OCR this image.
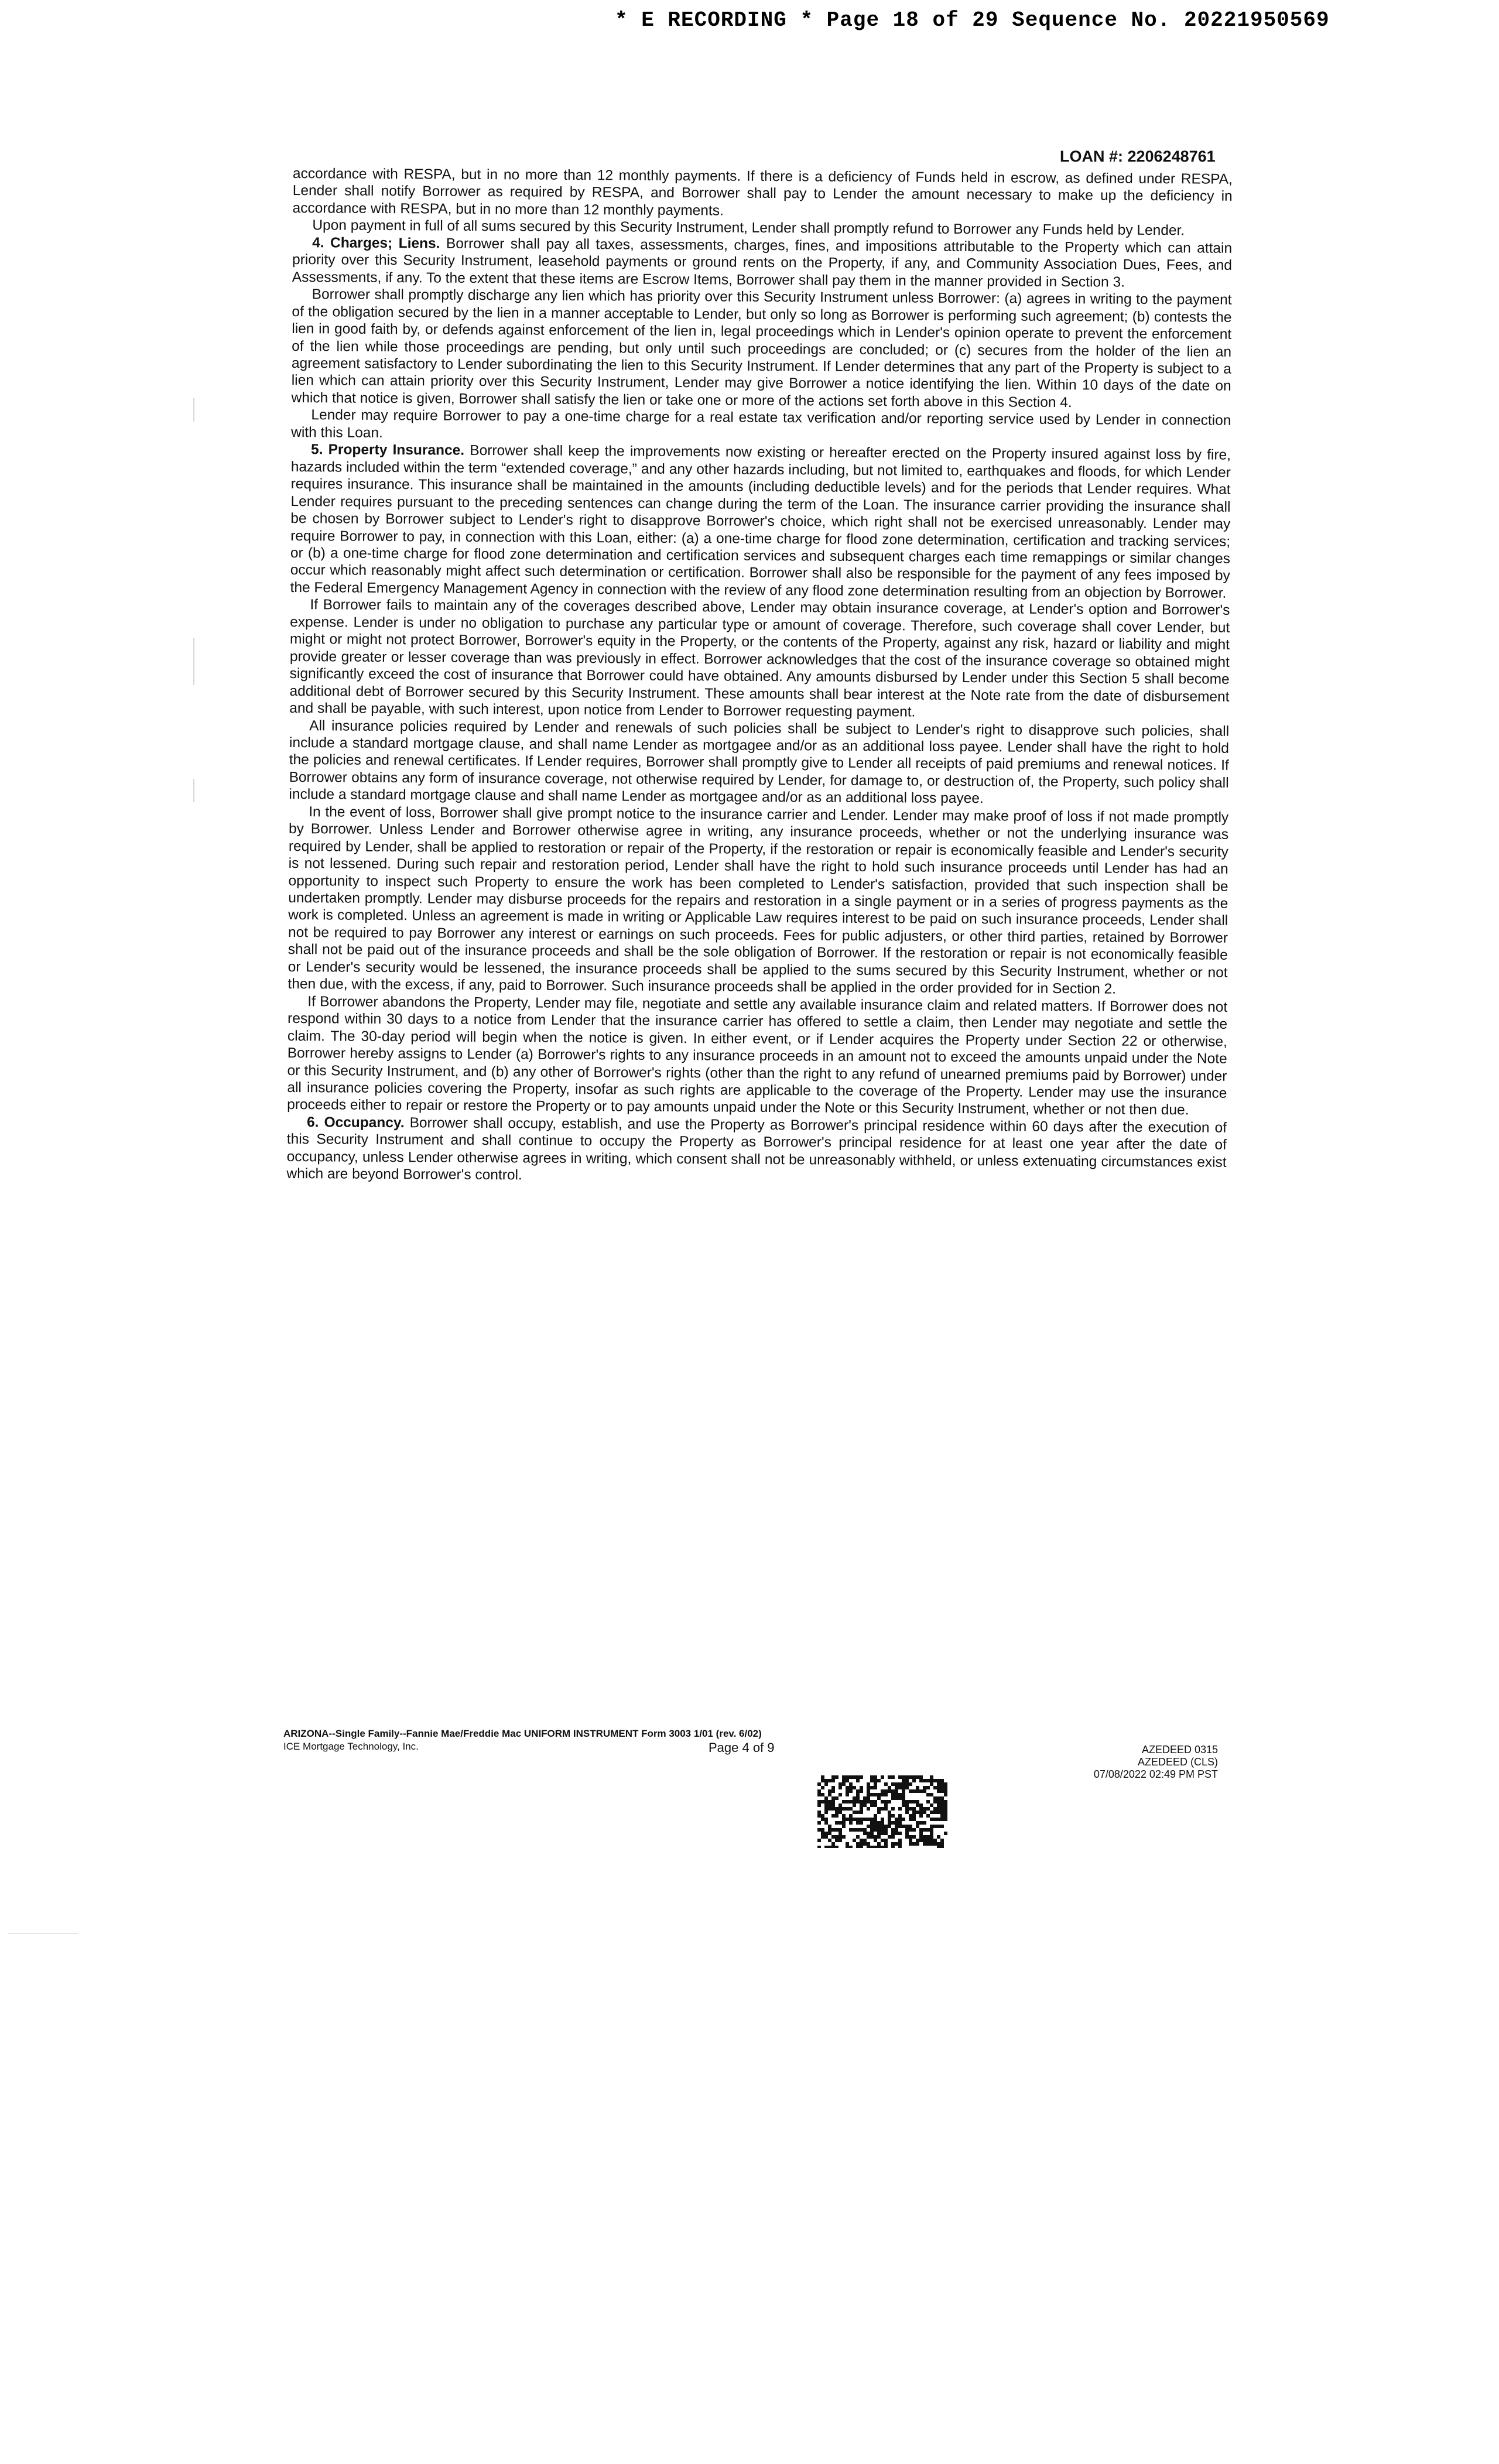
* E RECORDING * Page 18 of 29 Sequence No. 20221950569
LOAN #: 2206248761

accordance with RESPA, but in no more than 12 monthly payments. If there is a deficiency of Funds held in escrow, as defined under RESPA, Lender shall notify Borrower as required by RESPA, and Borrower shall pay to Lender the amount necessary to make up the deficiency in accordance with RESPA, but in no more than 12 monthly payments.

Upon payment in full of all sums secured by this Security Instrument, Lender shall promptly refund to Borrower any Funds held by Lender.

4. Charges; Liens. Borrower shall pay all taxes, assessments, charges, fines, and impositions attributable to the Property which can attain priority over this Security Instrument, leasehold payments or ground rents on the Property, if any, and Community Association Dues, Fees, and Assessments, if any. To the extent that these items are Escrow Items, Borrower shall pay them in the manner provided in Section 3.

Borrower shall promptly discharge any lien which has priority over this Security Instrument unless Borrower: (a) agrees in writing to the payment of the obligation secured by the lien in a manner acceptable to Lender, but only so long as Borrower is performing such agreement; (b) contests the lien in good faith by, or defends against enforcement of the lien in, legal proceedings which in Lender's opinion operate to prevent the enforcement of the lien while those proceedings are pending, but only until such proceedings are concluded; or (c) secures from the holder of the lien an agreement satisfactory to Lender subordinating the lien to this Security Instrument. If Lender determines that any part of the Property is subject to a lien which can attain priority over this Security Instrument, Lender may give Borrower a notice identifying the lien. Within 10 days of the date on which that notice is given, Borrower shall satisfy the lien or take one or more of the actions set forth above in this Section 4.

Lender may require Borrower to pay a one-time charge for a real estate tax verification and/or reporting service used by Lender in connection with this Loan.

5. Property Insurance. Borrower shall keep the improvements now existing or hereafter erected on the Property insured against loss by fire, hazards included within the term “extended coverage,” and any other hazards including, but not limited to, earthquakes and floods, for which Lender requires insurance. This insurance shall be maintained in the amounts (including deductible levels) and for the periods that Lender requires. What Lender requires pursuant to the preceding sentences can change during the term of the Loan. The insurance carrier providing the insurance shall be chosen by Borrower subject to Lender's right to disapprove Borrower's choice, which right shall not be exercised unreasonably. Lender may require Borrower to pay, in connection with this Loan, either: (a) a one-time charge for flood zone determination, certification and tracking services; or (b) a one-time charge for flood zone determination and certification services and subsequent charges each time remappings or similar changes occur which reasonably might affect such determination or certification. Borrower shall also be responsible for the payment of any fees imposed by the Federal Emergency Management Agency in connection with the review of any flood zone determination resulting from an objection by Borrower.

If Borrower fails to maintain any of the coverages described above, Lender may obtain insurance coverage, at Lender's option and Borrower's expense. Lender is under no obligation to purchase any particular type or amount of coverage. Therefore, such coverage shall cover Lender, but might or might not protect Borrower, Borrower's equity in the Property, or the contents of the Property, against any risk, hazard or liability and might provide greater or lesser coverage than was previously in effect. Borrower acknowledges that the cost of the insurance coverage so obtained might significantly exceed the cost of insurance that Borrower could have obtained. Any amounts disbursed by Lender under this Section 5 shall become additional debt of Borrower secured by this Security Instrument. These amounts shall bear interest at the Note rate from the date of disbursement and shall be payable, with such interest, upon notice from Lender to Borrower requesting payment.

All insurance policies required by Lender and renewals of such policies shall be subject to Lender's right to disapprove such policies, shall include a standard mortgage clause, and shall name Lender as mortgagee and/or as an additional loss payee. Lender shall have the right to hold the policies and renewal certificates. If Lender requires, Borrower shall promptly give to Lender all receipts of paid premiums and renewal notices. If Borrower obtains any form of insurance coverage, not otherwise required by Lender, for damage to, or destruction of, the Property, such policy shall include a standard mortgage clause and shall name Lender as mortgagee and/or as an additional loss payee.

In the event of loss, Borrower shall give prompt notice to the insurance carrier and Lender. Lender may make proof of loss if not made promptly by Borrower. Unless Lender and Borrower otherwise agree in writing, any insurance proceeds, whether or not the underlying insurance was required by Lender, shall be applied to restoration or repair of the Property, if the restoration or repair is economically feasible and Lender's security is not lessened. During such repair and restoration period, Lender shall have the right to hold such insurance proceeds until Lender has had an opportunity to inspect such Property to ensure the work has been completed to Lender's satisfaction, provided that such inspection shall be undertaken promptly. Lender may disburse proceeds for the repairs and restoration in a single payment or in a series of progress payments as the work is completed. Unless an agreement is made in writing or Applicable Law requires interest to be paid on such insurance proceeds, Lender shall not be required to pay Borrower any interest or earnings on such proceeds. Fees for public adjusters, or other third parties, retained by Borrower shall not be paid out of the insurance proceeds and shall be the sole obligation of Borrower. If the restoration or repair is not economically feasible or Lender's security would be lessened, the insurance proceeds shall be applied to the sums secured by this Security Instrument, whether or not then due, with the excess, if any, paid to Borrower. Such insurance proceeds shall be applied in the order provided for in Section 2.

If Borrower abandons the Property, Lender may file, negotiate and settle any available insurance claim and related matters. If Borrower does not respond within 30 days to a notice from Lender that the insurance carrier has offered to settle a claim, then Lender may negotiate and settle the claim. The 30-day period will begin when the notice is given. In either event, or if Lender acquires the Property under Section 22 or otherwise, Borrower hereby assigns to Lender (a) Borrower's rights to any insurance proceeds in an amount not to exceed the amounts unpaid under the Note or this Security Instrument, and (b) any other of Borrower's rights (other than the right to any refund of unearned premiums paid by Borrower) under all insurance policies covering the Property, insofar as such rights are applicable to the coverage of the Property. Lender may use the insurance proceeds either to repair or restore the Property or to pay amounts unpaid under the Note or this Security Instrument, whether or not then due.

6. Occupancy. Borrower shall occupy, establish, and use the Property as Borrower's principal residence within 60 days after the execution of this Security Instrument and shall continue to occupy the Property as Borrower's principal residence for at least one year after the date of occupancy, unless Lender otherwise agrees in writing, which consent shall not be unreasonably withheld, or unless extenuating circumstances exist which are beyond Borrower's control.

ARIZONA--Single Family--Fannie Mae/Freddie Mac UNIFORM INSTRUMENT Form 3003 1/01 (rev. 6/02)
ICE Mortgage Technology, Inc.	Page 4 of 9	AZEDEED 0315
AZEDEED (CLS)
07/08/2022 02:49 PM PST
